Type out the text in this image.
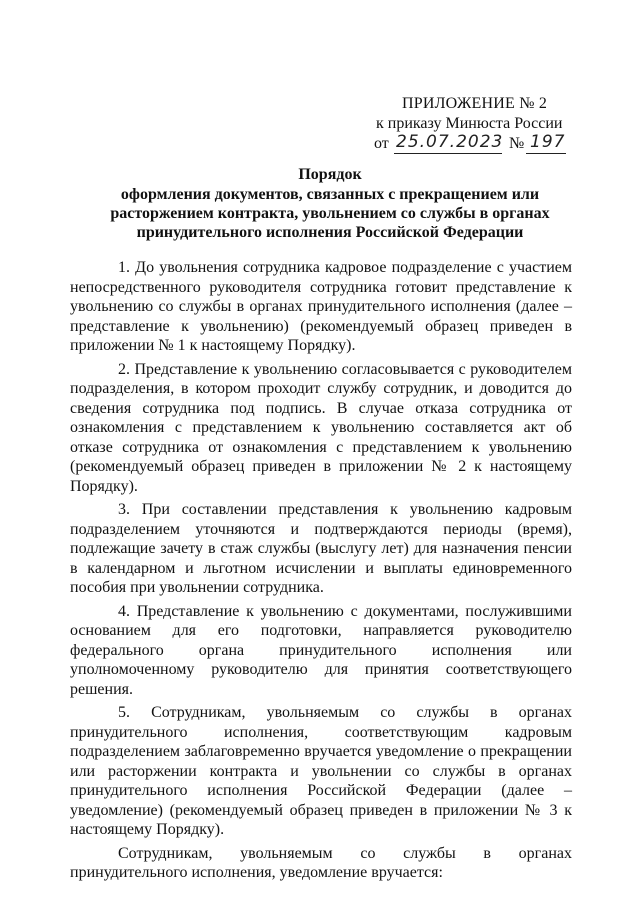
ПРИЛОЖЕНИЕ № 2
к приказу Минюста России
от 25.07.2023 № 197
Порядок
оформления документов, связанных с прекращением или расторжением контракта, увольнением со службы в органах принудительного исполнения Российской Федерации

1. До увольнения сотрудника кадровое подразделение с участием непосредственного руководителя сотрудника готовит представление к увольнению со службы в органах принудительного исполнения (далее – представление к увольнению) (рекомендуемый образец приведен в приложении № 1 к настоящему Порядку).

2. Представление к увольнению согласовывается с руководителем подразделения, в котором проходит службу сотрудник, и доводится до сведения сотрудника под подпись. В случае отказа сотрудника от ознакомления с представлением к увольнению составляется акт об отказе сотрудника от ознакомления с представлением к увольнению (рекомендуемый образец приведен в приложении № 2 к настоящему Порядку).

3. При составлении представления к увольнению кадровым подразделением уточняются и подтверждаются периоды (время), подлежащие зачету в стаж службы (выслугу лет) для назначения пенсии в календарном и льготном исчислении и выплаты единовременного пособия при увольнении сотрудника.

4. Представление к увольнению с документами, послужившими основанием для его подготовки, направляется руководителю федерального органа принудительного исполнения или уполномоченному руководителю для принятия соответствующего решения.

5. Сотрудникам, увольняемым со службы в органах принудительного исполнения, соответствующим кадровым подразделением заблаговременно вручается уведомление о прекращении или расторжении контракта и увольнении со службы в органах принудительного исполнения Российской Федерации (далее – уведомление) (рекомендуемый образец приведен в приложении № 3 к настоящему Порядку).

Сотрудникам, увольняемым со службы в органах принудительного исполнения, уведомление вручается:
